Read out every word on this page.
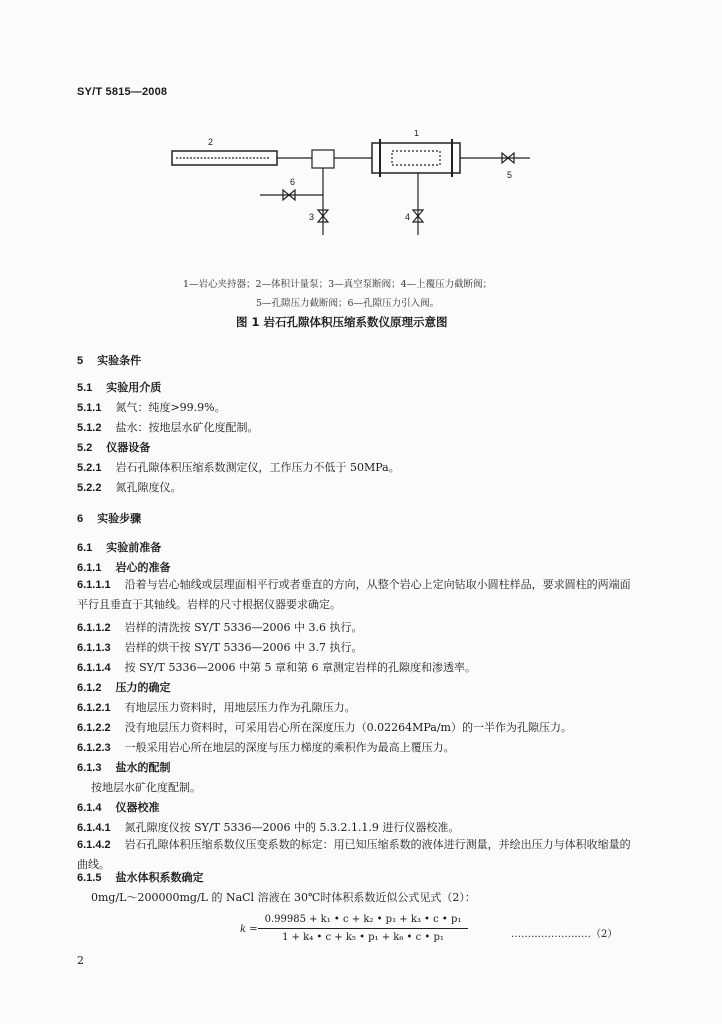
SY/T 5815—2008
1
2
3	4
5
6
1—岩心夹持器；2—体积计量泵；3—真空泵断阀；4—上覆压力截断阀；
5—孔隙压力截断阀；6—孔隙压力引入阀。
图 1 岩石孔隙体积压缩系数仪原理示意图
5 实验条件
5.1 实验用介质
5.1.1 氮气：纯度>99.9%。
5.1.2 盐水：按地层水矿化度配制。
5.2 仪器设备
5.2.1 岩石孔隙体积压缩系数测定仪，工作压力不低于 50MPa。
5.2.2 氮孔隙度仪。
6 实验步骤
6.1 实验前准备
6.1.1 岩心的准备
6.1.1.1 沿着与岩心轴线或层理面相平行或者垂直的方向，从整个岩心上定向钻取小圆柱样品，要求圆柱的两端面平行且垂直于其轴线。岩样的尺寸根据仪器要求确定。
6.1.1.2 岩样的清洗按 SY/T 5336—2006 中 3.6 执行。
6.1.1.3 岩样的烘干按 SY/T 5336—2006 中 3.7 执行。
6.1.1.4 按 SY/T 5336—2006 中第 5 章和第 6 章测定岩样的孔隙度和渗透率。
6.1.2 压力的确定
6.1.2.1 有地层压力资料时，用地层压力作为孔隙压力。
6.1.2.2 没有地层压力资料时，可采用岩心所在深度压力（0.02264MPa/m）的一半作为孔隙压力。
6.1.2.3 一般采用岩心所在地层的深度与压力梯度的乘积作为最高上覆压力。
6.1.3 盐水的配制
按地层水矿化度配制。
6.1.4 仪器校准
6.1.4.1 氮孔隙度仪按 SY/T 5336—2006 中的 5.3.2.1.1.9 进行仪器校准。
6.1.4.2 岩石孔隙体积压缩系数仪压变系数的标定：用已知压缩系数的液体进行测量，并绘出压力与体积收缩量的曲线。
6.1.5 盐水体积系数确定
0mg/L～200000mg/L 的 NaCl 溶液在 30℃时体积系数近似公式见式（2）：
k =
0.99985 + k₁ • c + k₂ • p₁ + k₃ • c • p₁
1 + k₄ • c + k₅ • p₁ + k₆ • c • p₁	……………………（2）
2
